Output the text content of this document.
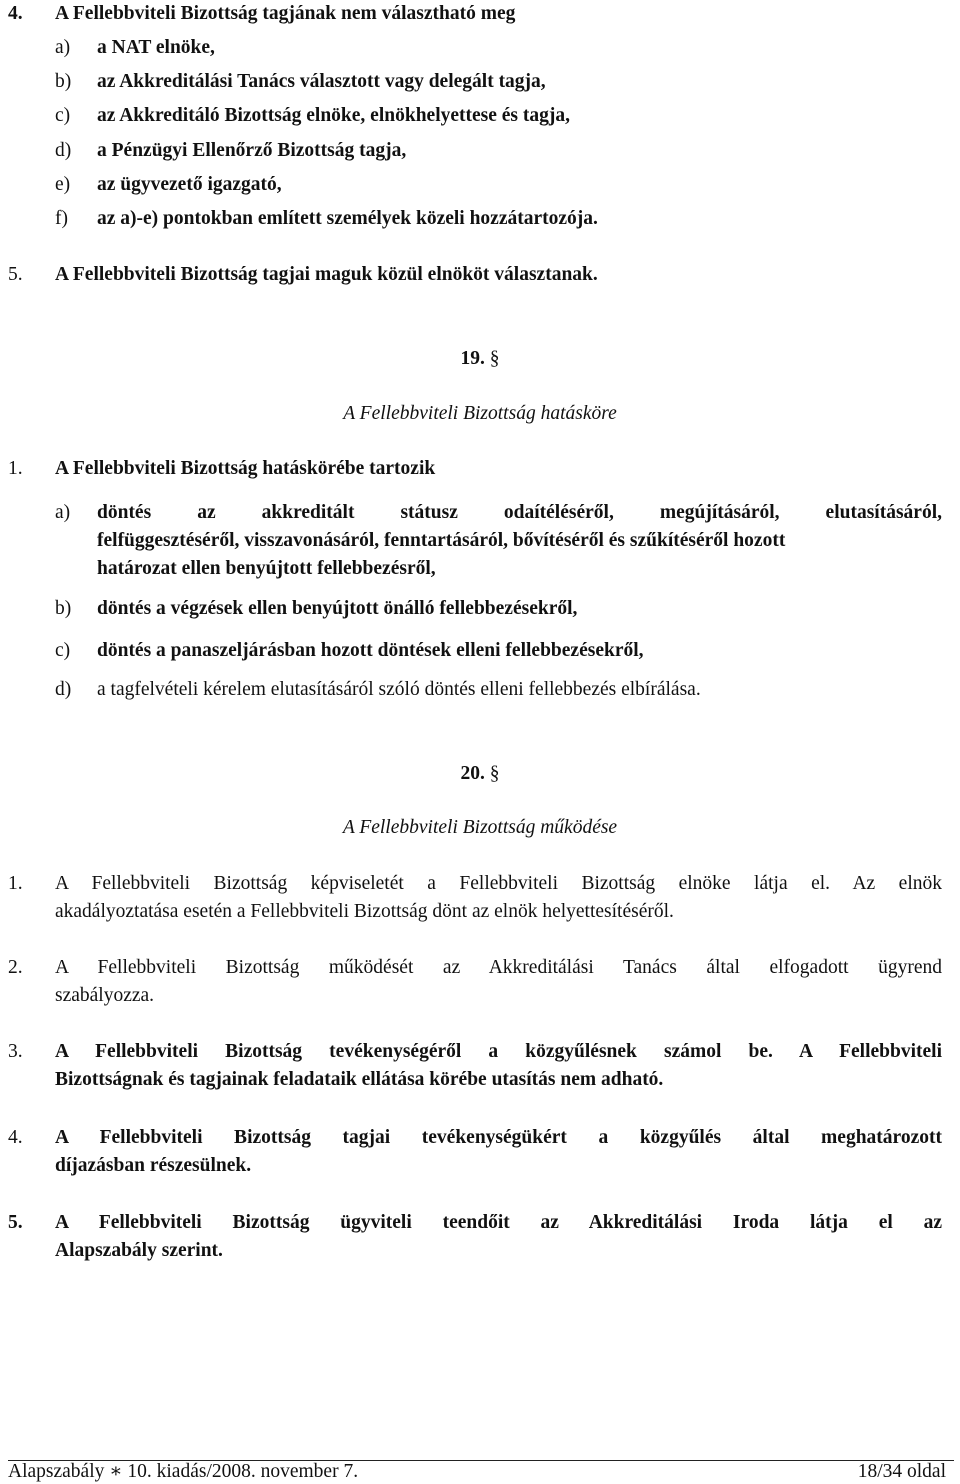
4. A Fellebbviteli Bizottság tagjának nem választható meg
a) a NAT elnöke,
b) az Akkreditálási Tanács választott vagy delegált tagja,
c) az Akkreditáló Bizottság elnöke, elnökhelyettese és tagja,
d) a Pénzügyi Ellenőrző Bizottság tagja,
e) az ügyvezető igazgató,
f) az a)-e) pontokban említett személyek közeli hozzátartozója.
5. A Fellebbviteli Bizottság tagjai maguk közül elnököt választanak.
19. §
A Fellebbviteli Bizottság hatásköre
1. A Fellebbviteli Bizottság hatáskörébe tartozik
a) döntés az akkreditált státusz odaítéléséről, megújításáról, elutasításáról,
felfüggesztéséről, visszavonásáról, fenntartásáról, bővítéséről és szűkítéséről hozott
határozat ellen benyújtott fellebbezésről,
b) döntés a végzések ellen benyújtott önálló fellebbezésekről,
c) döntés a panaszeljárásban hozott döntések elleni fellebbezésekről,
d) a tagfelvételi kérelem elutasításáról szóló döntés elleni fellebbezés elbírálása.
20. §
A Fellebbviteli Bizottság működése
1. A Fellebbviteli Bizottság képviseletét a Fellebbviteli Bizottság elnöke látja el. Az elnök
akadályoztatása esetén a Fellebbviteli Bizottság dönt az elnök helyettesítéséről.
2. A Fellebbviteli Bizottság működését az Akkreditálási Tanács által elfogadott ügyrend
szabályozza.
3. A Fellebbviteli Bizottság tevékenységéről a közgyűlésnek számol be. A Fellebbviteli
Bizottságnak és tagjainak feladataik ellátása körébe utasítás nem adható.
4. A Fellebbviteli Bizottság tagjai tevékenységükért a közgyűlés által meghatározott
díjazásban részesülnek.
5. A Fellebbviteli Bizottság ügyviteli teendőit az Akkreditálási Iroda látja el az
Alapszabály szerint.
Alapszabály ∗ 10. kiadás/2008. november 7.	18/34 oldal
